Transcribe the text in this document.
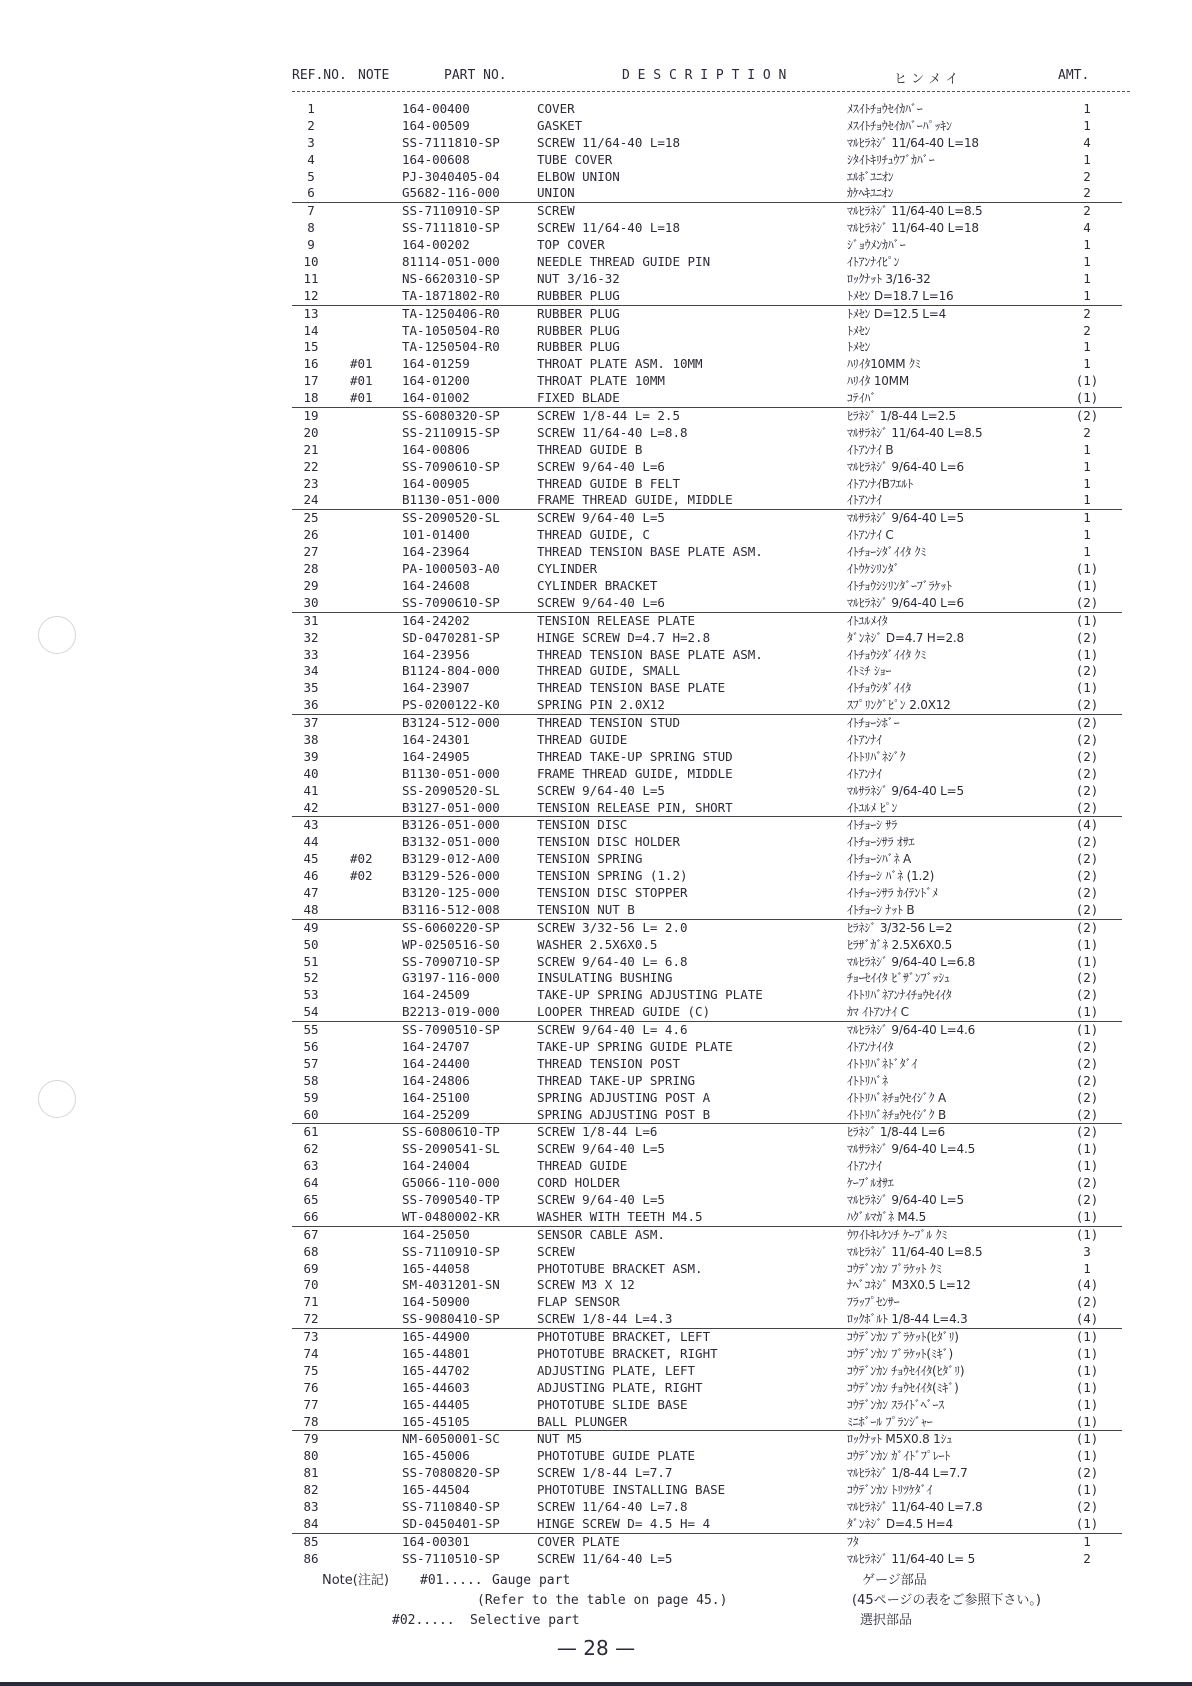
REF.NO. NOTE	PART NO.	D E S C R I P T I O N	ヒ ン メ イ	AMT.
1	164-00400	COVER	ﾒｽｲﾄﾁｮｳｾｲｶﾊﾞｰ	1
2	164-00509	GASKET	ﾒｽｲﾄﾁｮｳｾｲｶﾊﾞｰﾊﾟｯｷﾝ	1
3	SS-7111810-SP	SCREW 11/64-40 L=18	ﾏﾙﾋﾗﾈｼﾞ 11/64-40 L=18	4
4	164-00608	TUBE COVER	ｼﾀｲﾄｷﾘﾁｭｳﾌﾞｶﾊﾞｰ	1
5	PJ-3040405-04	ELBOW UNION	ｴﾙﾎﾞﾕﾆｵﾝ	2
6	G5682-116-000	UNION	ｶｹﾍｷﾕﾆｵﾝ	2
7	SS-7110910-SP	SCREW	ﾏﾙﾋﾗﾈｼﾞ 11/64-40 L=8.5	2
8	SS-7111810-SP	SCREW 11/64-40 L=18	ﾏﾙﾋﾗﾈｼﾞ 11/64-40 L=18	4
9	164-00202	TOP COVER	ｼﾞｮｳﾒﾝｶﾊﾞｰ	1
10	81114-051-000	NEEDLE THREAD GUIDE PIN	ｲﾄｱﾝﾅｲﾋﾟﾝ	1
11	NS-6620310-SP	NUT 3/16-32	ﾛｯｸﾅｯﾄ 3/16-32	1
12	TA-1871802-R0	RUBBER PLUG	ﾄﾒｾﾝ D=18.7 L=16	1
13	TA-1250406-R0	RUBBER PLUG	ﾄﾒｾﾝ D=12.5 L=4	2
14	TA-1050504-R0	RUBBER PLUG	ﾄﾒｾﾝ	2
15	TA-1250504-R0	RUBBER PLUG	ﾄﾒｾﾝ	1
16	#01	164-01259	THROAT PLATE ASM. 10MM	ﾊﾘｲﾀ10MM ｸﾐ	1
17	#01	164-01200	THROAT PLATE 10MM	ﾊﾘｲﾀ 10MM	(1)
18	#01	164-01002	FIXED BLADE	ｺﾃｲﾊﾞ	(1)
19	SS-6080320-SP	SCREW 1/8-44 L= 2.5	ﾋﾗﾈｼﾞ 1/8-44 L=2.5	(2)
20	SS-2110915-SP	SCREW 11/64-40 L=8.8	ﾏﾙｻﾗﾈｼﾞ 11/64-40 L=8.5	2
21	164-00806	THREAD GUIDE B	ｲﾄｱﾝﾅｲ B	1
22	SS-7090610-SP	SCREW 9/64-40 L=6	ﾏﾙﾋﾗﾈｼﾞ 9/64-40 L=6	1
23	164-00905	THREAD GUIDE B FELT	ｲﾄｱﾝﾅｲBﾌｴﾙﾄ	1
24	B1130-051-000	FRAME THREAD GUIDE, MIDDLE	ｲﾄｱﾝﾅｲ	1
25	SS-2090520-SL	SCREW 9/64-40 L=5	ﾏﾙｻﾗﾈｼﾞ 9/64-40 L=5	1
26	101-01400	THREAD GUIDE, C	ｲﾄｱﾝﾅｲ C	1
27	164-23964	THREAD TENSION BASE PLATE ASM.	ｲﾄﾁｮｰｼﾀﾞｲｲﾀ ｸﾐ	1
28	PA-1000503-A0	CYLINDER	ｲﾄｳｹｼﾘﾝﾀﾞ	(1)
29	164-24608	CYLINDER BRACKET	ｲﾄﾁｮｳｼｼﾘﾝﾀﾞｰﾌﾞﾗｹｯﾄ	(1)
30	SS-7090610-SP	SCREW 9/64-40 L=6	ﾏﾙﾋﾗﾈｼﾞ 9/64-40 L=6	(2)
31	164-24202	TENSION RELEASE PLATE	ｲﾄﾕﾙﾒｲﾀ	(1)
32	SD-0470281-SP	HINGE SCREW D=4.7 H=2.8	ﾀﾞﾝﾈｼﾞ D=4.7 H=2.8	(2)
33	164-23956	THREAD TENSION BASE PLATE ASM.	ｲﾄﾁｮｳｼﾀﾞｲｲﾀ ｸﾐ	(1)
34	B1124-804-000	THREAD GUIDE, SMALL	ｲﾄﾐﾁ ｼｮｰ	(2)
35	164-23907	THREAD TENSION BASE PLATE	ｲﾄﾁｮｳｼﾀﾞｲｲﾀ	(1)
36	PS-0200122-K0	SPRING PIN 2.0X12	ｽﾌﾟﾘﾝｸﾞﾋﾟﾝ 2.0X12	(2)
37	B3124-512-000	THREAD TENSION STUD	ｲﾄﾁｮｰｼﾎﾞｰ	(2)
38	164-24301	THREAD GUIDE	ｲﾄｱﾝﾅｲ	(2)
39	164-24905	THREAD TAKE-UP SPRING STUD	ｲﾄﾄﾘﾊﾞﾈｼﾞｸ	(2)
40	B1130-051-000	FRAME THREAD GUIDE, MIDDLE	ｲﾄｱﾝﾅｲ	(2)
41	SS-2090520-SL	SCREW 9/64-40 L=5	ﾏﾙｻﾗﾈｼﾞ 9/64-40 L=5	(2)
42	B3127-051-000	TENSION RELEASE PIN, SHORT	ｲﾄﾕﾙﾒ ﾋﾟﾝ	(2)
43	B3126-051-000	TENSION DISC	ｲﾄﾁｮｰｼ ｻﾗ	(4)
44	B3132-051-000	TENSION DISC HOLDER	ｲﾄﾁｮｰｼｻﾗ ｵｻｴ	(2)
45	#02	B3129-012-A00	TENSION SPRING	ｲﾄﾁｮｰｼﾊﾞﾈ A	(2)
46	#02	B3129-526-000	TENSION SPRING (1.2)	ｲﾄﾁｮｰｼ ﾊﾞﾈ (1.2)	(2)
47	B3120-125-000	TENSION DISC STOPPER	ｲﾄﾁｮｰｼｻﾗ ｶｲﾃﾝﾄﾞﾒ	(2)
48	B3116-512-008	TENSION NUT B	ｲﾄﾁｮｰｼ ﾅｯﾄ B	(2)
49	SS-6060220-SP	SCREW 3/32-56 L= 2.0	ﾋﾗﾈｼﾞ 3/32-56 L=2	(2)
50	WP-0250516-S0	WASHER 2.5X6X0.5	ﾋﾗｻﾞｶﾞﾈ 2.5X6X0.5	(1)
51	SS-7090710-SP	SCREW 9/64-40 L= 6.8	ﾏﾙﾋﾗﾈｼﾞ 9/64-40 L=6.8	(1)
52	G3197-116-000	INSULATING BUSHING	ﾁｮｰｾｲｲﾀ ﾋﾞｻﾞﾝﾌﾞｯｼｭ	(2)
53	164-24509	TAKE-UP SPRING ADJUSTING PLATE	ｲﾄﾄﾘﾊﾞﾈｱﾝﾅｲﾁｮｳｾｲｲﾀ	(2)
54	B2213-019-000	LOOPER THREAD GUIDE (C)	ｶﾏ ｲﾄｱﾝﾅｲ C	(1)
55	SS-7090510-SP	SCREW 9/64-40 L= 4.6	ﾏﾙﾋﾗﾈｼﾞ 9/64-40 L=4.6	(1)
56	164-24707	TAKE-UP SPRING GUIDE PLATE	ｲﾄｱﾝﾅｲｲﾀ	(2)
57	164-24400	THREAD TENSION POST	ｲﾄﾄﾘﾊﾞﾈﾄﾞﾀﾞｲ	(2)
58	164-24806	THREAD TAKE-UP SPRING	ｲﾄﾄﾘﾊﾞﾈ	(2)
59	164-25100	SPRING ADJUSTING POST A	ｲﾄﾄﾘﾊﾞﾈﾁｮｳｾｲｼﾞｸ A	(2)
60	164-25209	SPRING ADJUSTING POST B	ｲﾄﾄﾘﾊﾞﾈﾁｮｳｾｲｼﾞｸ B	(2)
61	SS-6080610-TP	SCREW 1/8-44 L=6	ﾋﾗﾈｼﾞ 1/8-44 L=6	(2)
62	SS-2090541-SL	SCREW 9/64-40 L=5	ﾏﾙｻﾗﾈｼﾞ 9/64-40 L=4.5	(1)
63	164-24004	THREAD GUIDE	ｲﾄｱﾝﾅｲ	(1)
64	G5066-110-000	CORD HOLDER	ｹｰﾌﾞﾙｵｻｴ	(2)
65	SS-7090540-TP	SCREW 9/64-40 L=5	ﾏﾙﾋﾗﾈｼﾞ 9/64-40 L=5	(2)
66	WT-0480002-KR	WASHER WITH TEETH M4.5	ﾊｸﾞﾙﾏｶﾞﾈ M4.5	(1)
67	164-25050	SENSOR CABLE ASM.	ｳﾜｲﾄｷﾚｹﾝﾁ ｹｰﾌﾞﾙ ｸﾐ	(1)
68	SS-7110910-SP	SCREW	ﾏﾙﾋﾗﾈｼﾞ 11/64-40 L=8.5	3
69	165-44058	PHOTOTUBE BRACKET ASM.	ｺｳﾃﾞﾝｶﾝ ﾌﾞﾗｹｯﾄ ｸﾐ	1
70	SM-4031201-SN	SCREW M3 X 12	ﾅﾍﾞｺﾈｼﾞ M3X0.5 L=12	(4)
71	164-50900	FLAP SENSOR	ﾌﾗｯﾌﾟｾﾝｻｰ	(2)
72	SS-9080410-SP	SCREW 1/8-44 L=4.3	ﾛｯｸﾎﾞﾙﾄ 1/8-44 L=4.3	(4)
73	165-44900	PHOTOTUBE BRACKET, LEFT	ｺｳﾃﾞﾝｶﾝ ﾌﾞﾗｹｯﾄ(ﾋﾀﾞﾘ)	(1)
74	165-44801	PHOTOTUBE BRACKET, RIGHT	ｺｳﾃﾞﾝｶﾝ ﾌﾞﾗｹｯﾄ(ﾐｷﾞ)	(1)
75	165-44702	ADJUSTING PLATE, LEFT	ｺｳﾃﾞﾝｶﾝ ﾁｮｳｾｲｲﾀ(ﾋﾀﾞﾘ)	(1)
76	165-44603	ADJUSTING PLATE, RIGHT	ｺｳﾃﾞﾝｶﾝ ﾁｮｳｾｲｲﾀ(ﾐｷﾞ)	(1)
77	165-44405	PHOTOTUBE SLIDE BASE	ｺｳﾃﾞﾝｶﾝ ｽﾗｲﾄﾞﾍﾞｰｽ	(1)
78	165-45105	BALL PLUNGER	ﾐﾆﾎﾞｰﾙ ﾌﾟﾗﾝｼﾞｬｰ	(1)
79	NM-6050001-SC	NUT M5	ﾛｯｸﾅｯﾄ M5X0.8 1ｼｭ	(1)
80	165-45006	PHOTOTUBE GUIDE PLATE	ｺｳﾃﾞﾝｶﾝ ｶﾞｲﾄﾞﾌﾟﾚｰﾄ	(1)
81	SS-7080820-SP	SCREW 1/8-44 L=7.7	ﾏﾙﾋﾗﾈｼﾞ 1/8-44 L=7.7	(2)
82	165-44504	PHOTOTUBE INSTALLING BASE	ｺｳﾃﾞﾝｶﾝ ﾄﾘﾂｹﾀﾞｲ	(1)
83	SS-7110840-SP	SCREW 11/64-40 L=7.8	ﾏﾙﾋﾗﾈｼﾞ 11/64-40 L=7.8	(2)
84	SD-0450401-SP	HINGE SCREW D= 4.5 H= 4	ﾀﾞﾝﾈｼﾞ D=4.5 H=4	(1)
85	164-00301	COVER PLATE	ﾌﾀ	1
86	SS-7110510-SP	SCREW 11/64-40 L=5	ﾏﾙﾋﾗﾈｼﾞ 11/64-40 L= 5	2
Note(注記) #01..... Gauge part	ゲージ部品
(Refer to the table on page 45.)	(45ページの表をご参照下さい。)
#02..... Selective part	選択部品
— 28 —
